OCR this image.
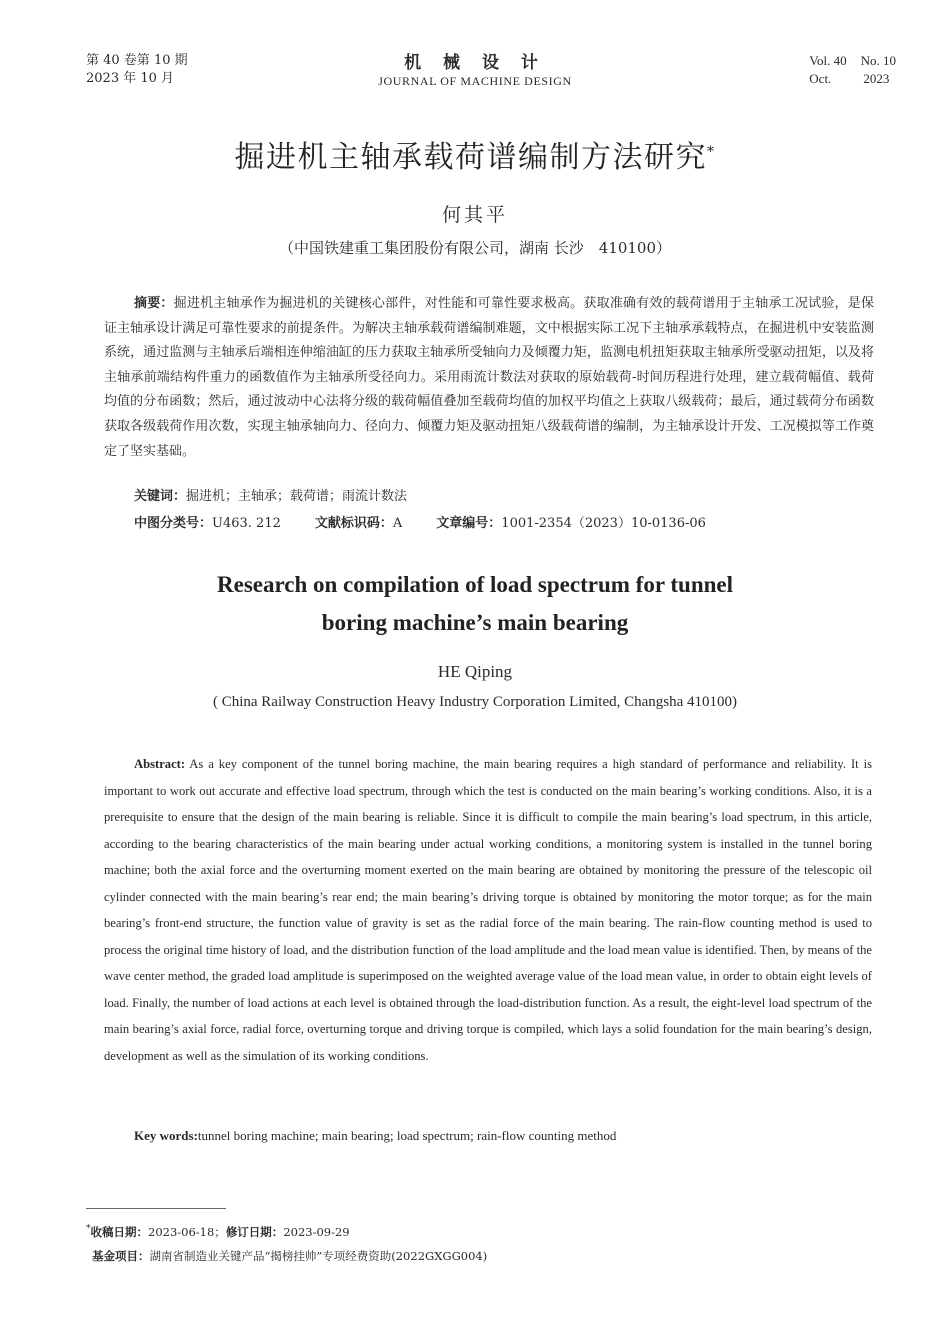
第 40 卷第 10 期
2023 年 10 月
机 械 设 计
JOURNAL OF MACHINE DESIGN
Vol. 40 No. 10
Oct. 2023
掘进机主轴承载荷谱编制方法研究*
何其平
（中国铁建重工集团股份有限公司，湖南 长沙　410100）
摘要：掘进机主轴承作为掘进机的关键核心部件，对性能和可靠性要求极高。获取准确有效的载荷谱用于主轴承工况试验，是保证主轴承设计满足可靠性要求的前提条件。为解决主轴承载荷谱编制难题，文中根据实际工况下主轴承承载特点，在掘进机中安装监测系统，通过监测与主轴承后端相连伸缩油缸的压力获取主轴承所受轴向力及倾覆力矩，监测电机扭矩获取主轴承所受驱动扭矩，以及将主轴承前端结构件重力的函数值作为主轴承所受径向力。采用雨流计数法对获取的原始载荷-时间历程进行处理，建立载荷幅值、载荷均值的分布函数；然后，通过波动中心法将分级的载荷幅值叠加至载荷均值的加权平均值之上获取八级载荷；最后，通过载荷分布函数获取各级载荷作用次数，实现主轴承轴向力、径向力、倾覆力矩及驱动扭矩八级载荷谱的编制，为主轴承设计开发、工况模拟等工作奠定了坚实基础。
关键词：掘进机；主轴承；载荷谱；雨流计数法
中图分类号：U463. 212	文献标识码：A	文章编号：1001-2354（2023）10-0136-06
Research on compilation of load spectrum for tunnel
boring machine’s main bearing
HE Qiping
( China Railway Construction Heavy Industry Corporation Limited, Changsha 410100)
Abstract: As a key component of the tunnel boring machine, the main bearing requires a high standard of performance and reliability. It is important to work out accurate and effective load spectrum, through which the test is conducted on the main bearing’s working conditions. Also, it is a prerequisite to ensure that the design of the main bearing is reliable. Since it is difficult to compile the main bearing’s load spectrum, in this article, according to the bearing characteristics of the main bearing under actual working conditions, a monitoring system is installed in the tunnel boring machine; both the axial force and the overturning moment exerted on the main bearing are obtained by monitoring the pressure of the telescopic oil cylinder connected with the main bearing’s rear end; the main bearing’s driving torque is obtained by monitoring the motor torque; as for the main bearing’s front-end structure, the function value of gravity is set as the radial force of the main bearing. The rain-flow counting method is used to process the original time history of load, and the distribution function of the load amplitude and the load mean value is identified. Then, by means of the wave center method, the graded load amplitude is superimposed on the weighted average value of the load mean value, in order to obtain eight levels of load. Finally, the number of load actions at each level is obtained through the load-distribution function. As a result, the eight-level load spectrum of the main bearing’s axial force, radial force, overturning torque and driving torque is compiled, which lays a solid foundation for the main bearing’s design, development as well as the simulation of its working conditions.
Key words:tunnel boring machine; main bearing; load spectrum; rain-flow counting method
*收稿日期：2023-06-18；修订日期：2023-09-29
基金项目：湖南省制造业关键产品“揭榜挂帅”专项经费资助(2022GXGG004)
